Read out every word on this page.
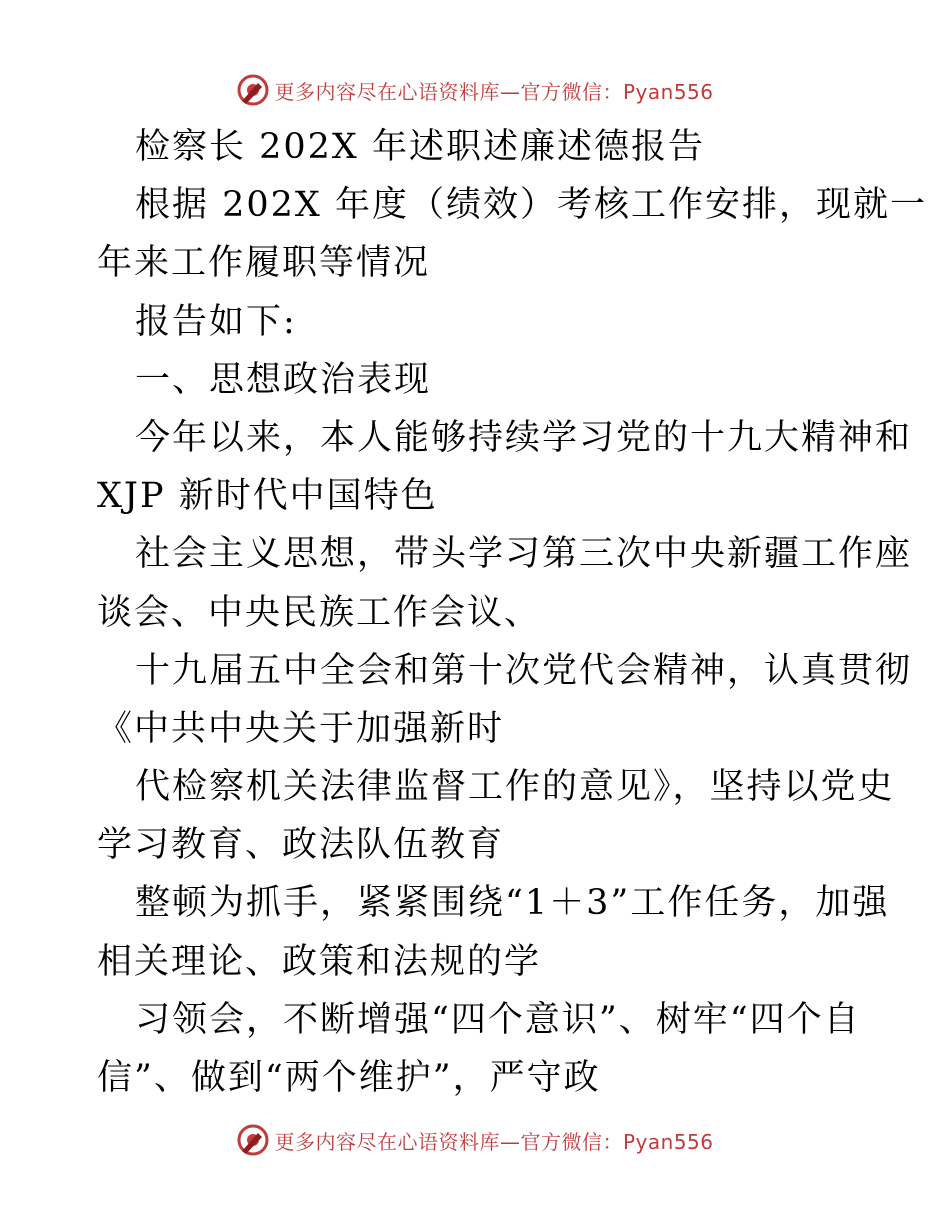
更多内容尽在心语资料库—官方微信：Pyan556
检察长 202X 年述职述廉述德报告
根据 202X 年度（绩效）考核工作安排，现就一
年来工作履职等情况
报告如下:
一、思想政治表现
今年以来，本人能够持续学习党的十九大精神和
XJP 新时代中国特色
社会主义思想，带头学习第三次中央新疆工作座
谈会、中央民族工作会议、
十九届五中全会和第十次党代会精神，认真贯彻
《中共中央关于加强新时
代检察机关法律监督工作的意见》，坚持以党史
学习教育、政法队伍教育
整顿为抓手，紧紧围绕“1＋3”工作任务，加强
相关理论、政策和法规的学
习领会，不断增强“四个意识”、树牢“四个自
信”、做到“两个维护”，严守政
更多内容尽在心语资料库—官方微信：Pyan556
